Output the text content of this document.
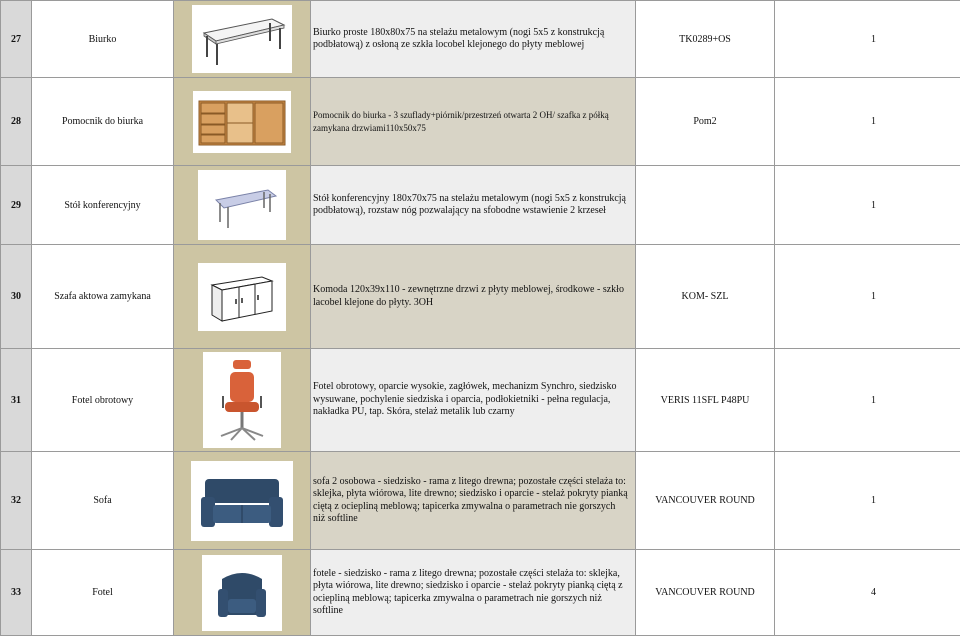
27	Biurko		Biurko proste 180x80x75 na stelażu metalowym (nogi 5x5 z konstrukcją podbłatową) z osłoną ze szkła locobel klejonego do płyty meblowej	TK0289+OS	1
28	Pomocnik do biurka		Pomocnik do biurka - 3 szuflady+piórnik/przestrzeń otwarta 2 OH/ szafka z półką zamykana drzwiami110x50x75	Pom2	1
29	Stół konferencyjny		Stół konferencyjny 180x70x75 na stelażu metalowym (nogi 5x5 z konstrukcją podbłatową), rozstaw nóg pozwalający na sfobodne wstawienie 2 krzeseł		1
30	Szafa aktowa zamykana		Komoda 120x39x110 - zewnętrzne drzwi z płyty meblowej, środkowe - szkło lacobel klejone do płyty. 3OH	KOM- SZL	1
31	Fotel obrotowy		Fotel obrotowy, oparcie wysokie, zagłówek, mechanizm Synchro, siedzisko wysuwane, pochylenie siedziska i oparcia, podłokietniki - pełna regulacja, nakładka PU, tap. Skóra, stelaż metalik lub czarny	VERIS 11SFL P48PU	1
32	Sofa		sofa 2 osobowa - siedzisko - rama z litego drewna; pozostałe części stelaża to: sklejka, płyta wiórowa, lite drewno; siedzisko i oparcie - stelaż pokryty pianką ciętą z ociepliną meblową; tapicerka zmywalna o parametrach nie gorszych niż softline	VANCOUVER ROUND	1
33	Fotel		fotele - siedzisko - rama z litego drewna; pozostałe części stelaża to: sklejka, płyta wiórowa, lite drewno; siedzisko i oparcie - stelaż pokryty pianką ciętą z ociepliną meblową; tapicerka zmywalna o parametrach nie gorszych niż softline	VANCOUVER ROUND	4
